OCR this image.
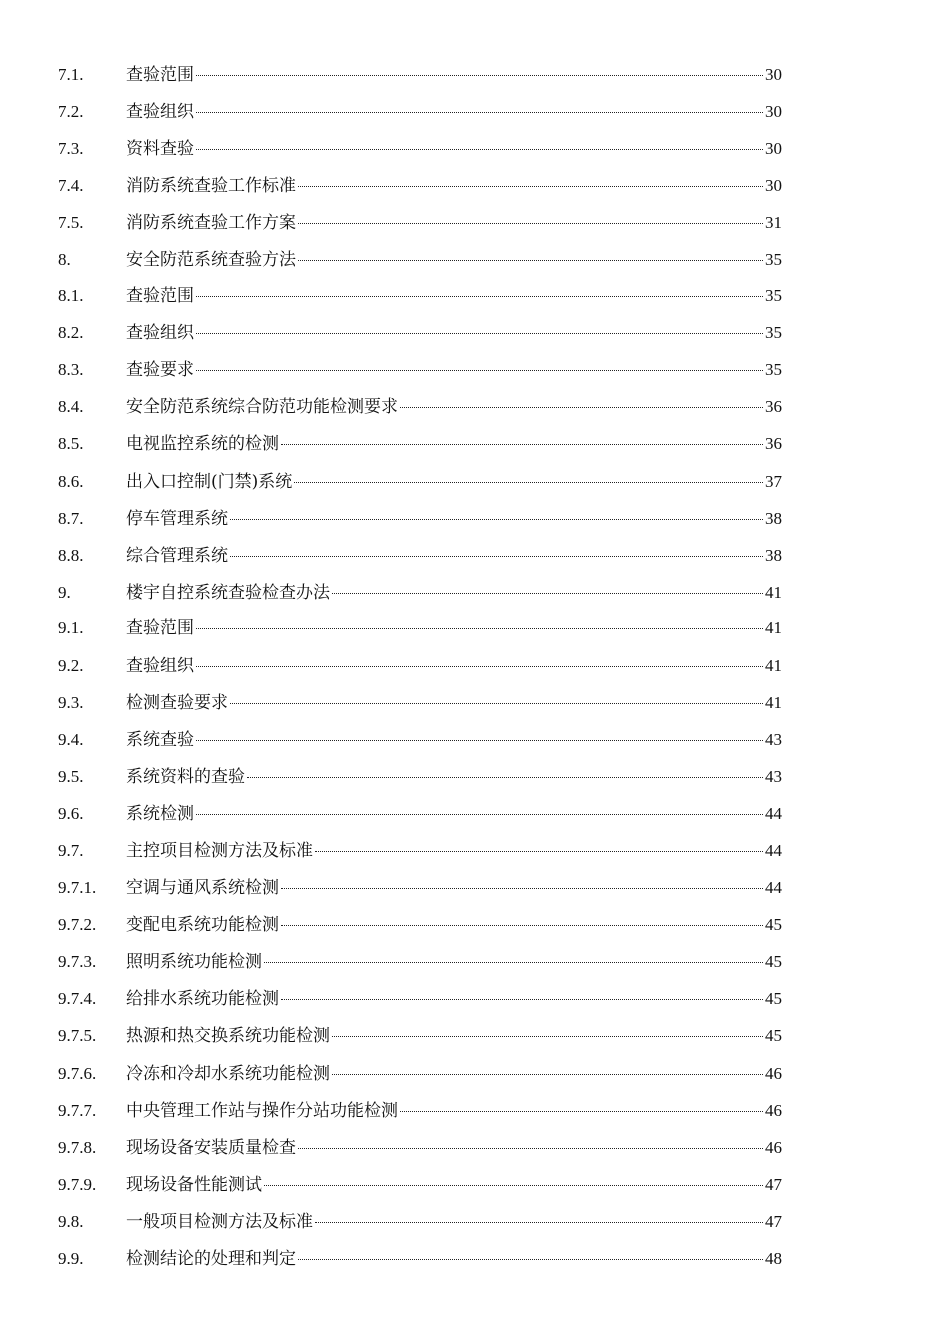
7.1.	查验范围	30
7.2.	查验组织	30
7.3.	资料查验	30
7.4.	消防系统查验工作标准	30
7.5.	消防系统查验工作方案	31
8.	安全防范系统查验方法	35
8.1.	查验范围	35
8.2.	查验组织	35
8.3.	查验要求	35
8.4.	安全防范系统综合防范功能检测要求	36
8.5.	电视监控系统的检测	36
8.6.	出入口控制(门禁)系统	37
8.7.	停车管理系统	38
8.8.	综合管理系统	38
9.	楼宇自控系统查验检查办法	41
9.1.	查验范围	41
9.2.	查验组织	41
9.3.	检测查验要求	41
9.4.	系统查验	43
9.5.	系统资料的查验	43
9.6.	系统检测	44
9.7.	主控项目检测方法及标准	44
9.7.1.	空调与通风系统检测	44
9.7.2.	变配电系统功能检测	45
9.7.3.	照明系统功能检测	45
9.7.4.	给排水系统功能检测	45
9.7.5.	热源和热交换系统功能检测	45
9.7.6.	冷冻和冷却水系统功能检测	46
9.7.7.	中央管理工作站与操作分站功能检测	46
9.7.8.	现场设备安装质量检查	46
9.7.9.	现场设备性能测试	47
9.8.	一般项目检测方法及标准	47
9.9.	检测结论的处理和判定	48
